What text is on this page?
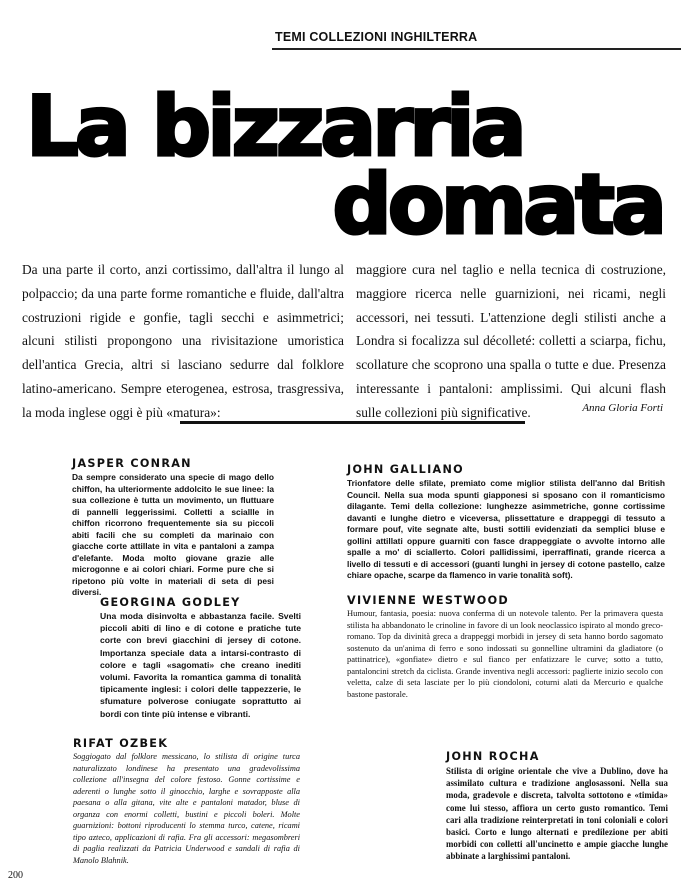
TEMI COLLEZIONI INGHILTERRA
La bizzarria
domata
Da una parte il corto, anzi cortissimo, dall'altra il lungo al polpaccio; da una parte forme romantiche e fluide, dall'altra costruzioni rigide e gonfie, tagli secchi e asimmetrici; alcuni stilisti propongono una rivisitazione umoristica dell'antica Grecia, altri si lasciano sedurre dal folklore latino-americano. Sempre eterogenea, estrosa, trasgressiva, la moda inglese oggi è più «matura»:
maggiore cura nel taglio e nella tecnica di costruzione, maggiore ricerca nelle guarnizioni, nei ricami, negli accessori, nei tessuti. L'attenzione degli stilisti anche a Londra si focalizza sul décolleté: colletti a sciarpa, fichu, scollature che scoprono una spalla o tutte e due. Presenza interessante i pantaloni: amplissimi. Qui alcuni flash sulle collezioni più significative.	Anna Gloria Forti
JASPER CONRAN
Da sempre considerato una specie di mago dello chiffon, ha ulteriormente addolcito le sue linee: la sua collezione è tutta un movimento, un fluttuare di pannelli leggerissimi. Colletti a sciallle in chiffon ricorrono frequentemente sia su piccoli abiti facili che su completi da marinaio con giacche corte attillate in vita e pantaloni a zampa d'elefante. Moda molto giovane grazie alle microgonne e ai colori chiari. Forme pure che si ripetono più volte in materiali di seta di pesi diversi.
JOHN GALLIANO
Trionfatore delle sfilate, premiato come miglior stilista dell'anno dal British Council. Nella sua moda spunti giapponesi si sposano con il romanticismo dilagante. Temi della collezione: lunghezze asimmetriche, gonne cortissime davanti e lunghe dietro e viceversa, plissettature e drappeggi di tessuto a formare pouf, vite segnate alte, busti sottili evidenziati da semplici bluse e gollini attillati oppure guarniti con fasce drappeggiate o avvolte intorno alle spalle a mo' di sciallетto. Colori pallidissimi, iperraffinati, grande ricerca a livello di tessuti e di accessori (guanti lunghi in jersey di cotone pastello, calze chiare opache, scarpe da flamenco in varie tonalità soft).
GEORGINA GODLEY
Una moda disinvolta e abbastanza facile. Svelti piccoli abiti di lino e di cotone e pratiche tute corte con brevi giacchini di jersey di cotone. Importanza speciale data a intarsi-contrasto di colore e tagli «sagomati» che creano inediti volumi. Favorita la romantica gamma di tonalità tipicamente inglesi: i colori delle tappezzerie, le sfumature polverose coniugate soprattutto ai bordi con tinte più intense e vibranti.
VIVIENNE WESTWOOD
Humour, fantasia, poesia: nuova conferma di un notevole talento. Per la primavera questa stilista ha abbandonato le crinoline in favore di un look neoclassico ispirato al mondo greco-romano. Top da divinità greca a drappeggi morbidi in jersey di seta hanno bordo sagomato sostenuto da un'anima di ferro e sono indossati su gonnelline ultramini da gladiatore (o pattinatrice), «gonfiate» dietro e sul fianco per enfatizzare le curve; sotto a tutto, pantaloncini stretch da ciclista. Grande inventiva negli accessori: paglierte inizio secolo con veletta, calze di seta lasciate per lo più ciondoloni, coturni alati da Mercurio e qualche bastone pastorale.
RIFAT OZBEK
Soggiogato dal folklore messicano, lo stilista di origine turca naturalizzato londinese ha presentato una gradevolissima collezione all'insegna del colore festoso. Gonne cortissime e aderenti o lunghe sotto il ginocchio, larghe e sovrapposte alla paesana o alla gitana, vite alte e pantaloni matador, bluse di organza con enormi colletti, bustini e piccoli boleri. Molte guarnizioni: bottoni riproducenti lo stemma turco, catene, ricami tipo azteco, applicazioni di rafia. Fra gli accessori: megasombreri di paglia realizzati da Patricia Underwood e sandali di rafia di Manolo Blahnik.
JOHN ROCHA
Stilista di origine orientale che vive a Dublino, dove ha assimilato cultura e tradizione anglosassoni. Nella sua moda, gradevole e discreta, talvolta sottotono e «timida» come lui stesso, affiora un certo gusto romantico. Temi cari alla tradizione reinterpretati in toni coloniali e colori basici. Corto e lungo alternati e predilezione per abiti morbidi con colletti all'uncinetto e ampie giacche lunghe abbinate a larghissimi pantaloni.
200
